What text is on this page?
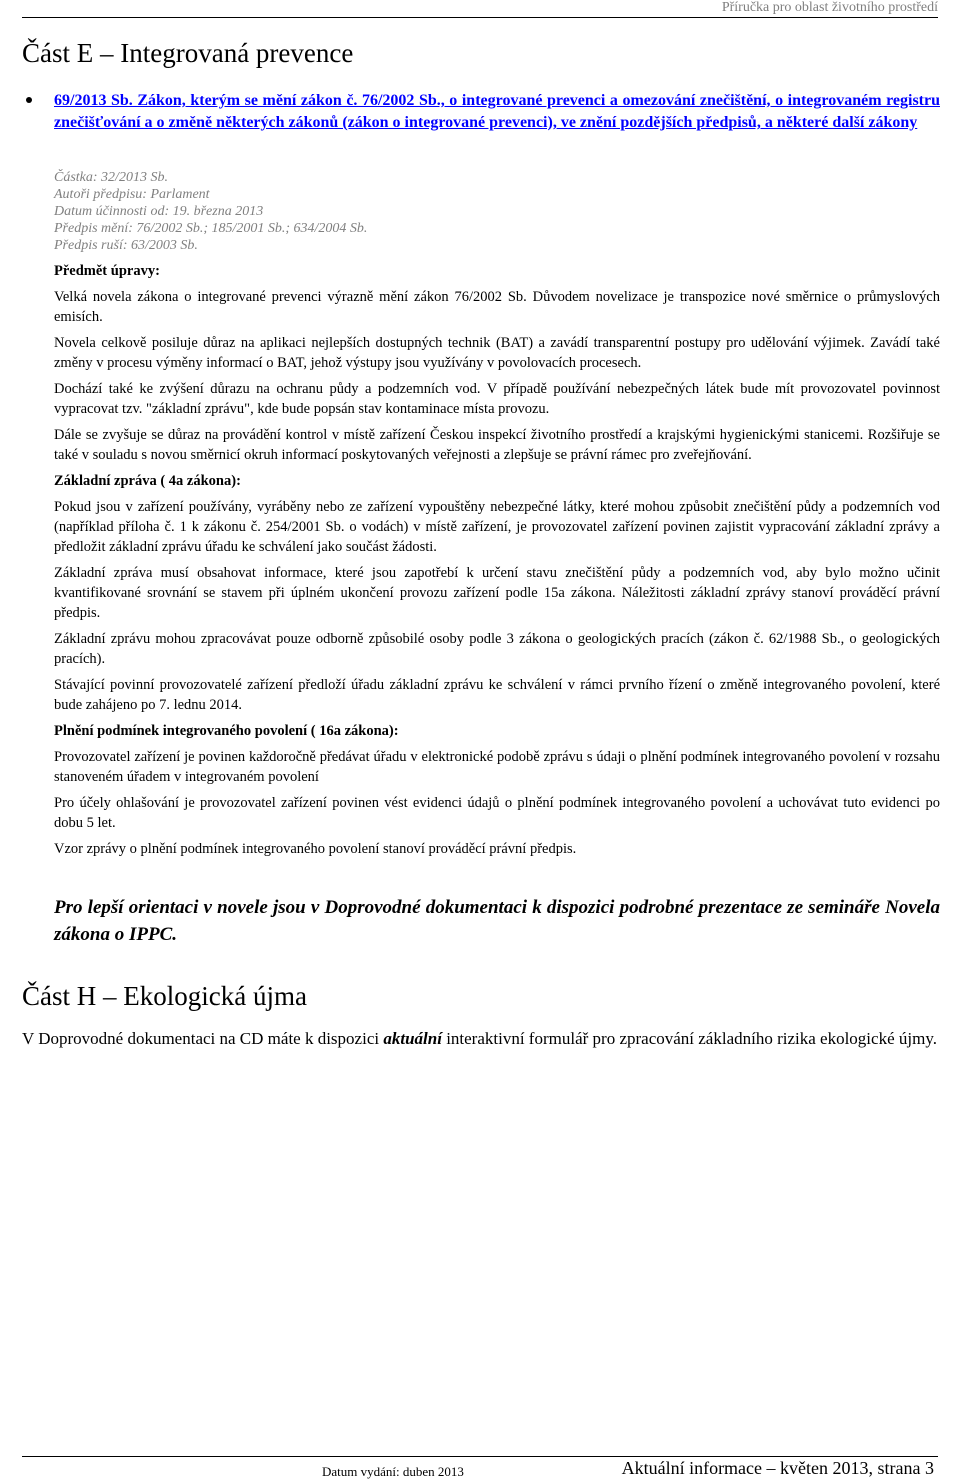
Příručka pro oblast životního prostředí
Část E – Integrovaná prevence
69/2013 Sb. Zákon, kterým se mění zákon č. 76/2002 Sb., o integrované prevenci a omezování znečištění, o integrovaném registru znečišťování a o změně některých zákonů (zákon o integrované prevenci), ve znění pozdějších předpisů, a některé další zákony
Částka: 32/2013 Sb.
Autoři předpisu: Parlament
Datum účinnosti od: 19. března 2013
Předpis mění: 76/2002 Sb.; 185/2001 Sb.; 634/2004 Sb.
Předpis ruší: 63/2003 Sb.

Předmět úpravy:

Velká novela zákona o integrované prevenci výrazně mění zákon 76/2002 Sb. Důvodem novelizace je transpozice nové směrnice o průmyslových emisích.

Novela celkově posiluje důraz na aplikaci nejlepších dostupných technik (BAT) a zavádí transparentní postupy pro udělování výjimek. Zavádí také změny v procesu výměny informací o BAT, jehož výstupy jsou využívány v povolovacích procesech.

Dochází také ke zvýšení důrazu na ochranu půdy a podzemních vod. V případě používání nebezpečných látek bude mít provozovatel povinnost vypracovat tzv. "základní zprávu", kde bude popsán stav kontaminace místa provozu.

Dále se zvyšuje se důraz na provádění kontrol v místě zařízení Českou inspekcí životního prostředí a krajskými hygienickými stanicemi. Rozšiřuje se také v souladu s novou směrnicí okruh informací poskytovaných veřejnosti a zlepšuje se právní rámec pro zveřejňování.

Základní zpráva ( 4a zákona):

Pokud jsou v zařízení používány, vyráběny nebo ze zařízení vypouštěny nebezpečné látky, které mohou způsobit znečištění půdy a podzemních vod (například příloha č. 1 k zákonu č. 254/2001 Sb. o vodách) v místě zařízení, je provozovatel zařízení povinen zajistit vypracování základní zprávy a předložit základní zprávu úřadu ke schválení jako součást žádosti.

Základní zpráva musí obsahovat informace, které jsou zapotřebí k určení stavu znečištění půdy a podzemních vod, aby bylo možno učinit kvantifikované srovnání se stavem při úplném ukončení provozu zařízení podle 15a zákona. Náležitosti základní zprávy stanoví prováděcí právní předpis.

Základní zprávu mohou zpracovávat pouze odborně způsobilé osoby podle 3 zákona o geologických pracích (zákon č. 62/1988 Sb., o geologických pracích).

Stávající povinní provozovatelé zařízení předloží úřadu základní zprávu ke schválení v rámci prvního řízení o změně integrovaného povolení, které bude zahájeno po 7. lednu 2014.

Plnění podmínek integrovaného povolení ( 16a zákona):

Provozovatel zařízení je povinen každoročně předávat úřadu v elektronické podobě zprávu s údaji o plnění podmínek integrovaného povolení v rozsahu stanoveném úřadem v integrovaném povolení

Pro účely ohlašování je provozovatel zařízení povinen vést evidenci údajů o plnění podmínek integrovaného povolení a uchovávat tuto evidenci po dobu 5 let.

Vzor zprávy o plnění podmínek integrovaného povolení stanoví prováděcí právní předpis.

Pro lepší orientaci v novele jsou v Doprovodné dokumentaci k dispozici podrobné prezentace ze semináře Novela zákona o IPPC.
Část H – Ekologická újma
V Doprovodné dokumentaci na CD máte k dispozici aktuální interaktivní formulář pro zpracování základního rizika ekologické újmy.
Datum vydání: duben 2013	Aktuální informace – květen 2013, strana 3
